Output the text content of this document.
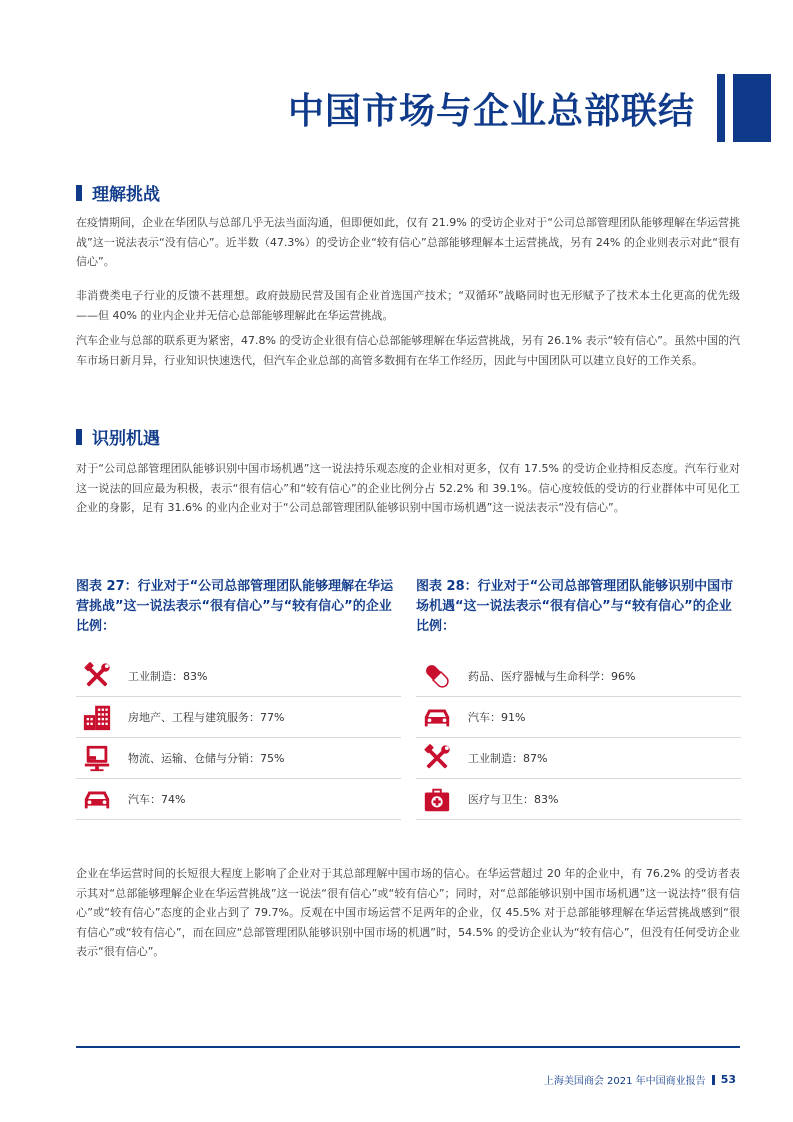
中国市场与企业总部联结
理解挑战

在疫情期间，企业在华团队与总部几乎无法当面沟通，但即便如此，仅有 21.9% 的受访企业对于“公司总部管理团队能够理解在华运营挑战”这一说法表示“没有信心”。近半数（47.3%）的受访企业“较有信心”总部能够理解本土运营挑战，另有 24% 的企业则表示对此“很有信心”。

非消费类电子行业的反馈不甚理想。政府鼓励民营及国有企业首选国产技术；“双循环”战略同时也无形赋予了技术本土化更高的优先级——但 40% 的业内企业并无信心总部能够理解此在华运营挑战。

汽车企业与总部的联系更为紧密，47.8% 的受访企业很有信心总部能够理解在华运营挑战，另有 26.1% 表示“较有信心”。虽然中国的汽车市场日新月异，行业知识快速迭代，但汽车企业总部的高管多数拥有在华工作经历，因此与中国团队可以建立良好的工作关系。

识别机遇

对于“公司总部管理团队能够识别中国市场机遇”这一说法持乐观态度的企业相对更多，仅有 17.5% 的受访企业持相反态度。汽车行业对这一说法的回应最为积极，表示“很有信心”和“较有信心”的企业比例分占 52.2% 和 39.1%。信心度较低的受访的行业群体中可见化工企业的身影，足有 31.6% 的业内企业对于“公司总部管理团队能够识别中国市场机遇”这一说法表示“没有信心”。

图表 27：行业对于“公司总部管理团队能够理解在华运营挑战”这一说法表示“很有信心”与“较有信心”的企业比例：
工业制造：83%
房地产、工程与建筑服务：77%
物流、运输、仓储与分销：75%
汽车：74%
图表 28：行业对于“公司总部管理团队能够识别中国市场机遇“这一说法表示“很有信心”与“较有信心”的企业比例：
药品、医疗器械与生命科学：96%
汽车：91%
工业制造：87%
医疗与卫生：83%

企业在华运营时间的长短很大程度上影响了企业对于其总部理解中国市场的信心。在华运营超过 20 年的企业中，有 76.2% 的受访者表示其对“总部能够理解企业在华运营挑战”这一说法“很有信心”或“较有信心”；同时，对“总部能够识别中国市场机遇”这一说法持“很有信心”或“较有信心”态度的企业占到了 79.7%。反观在中国市场运营不足两年的企业，仅 45.5% 对于总部能够理解在华运营挑战感到“很有信心”或“较有信心”，而在回应“总部管理团队能够识别中国市场的机遇”时，54.5% 的受访企业认为“较有信心”，但没有任何受访企业表示“很有信心”。

上海美国商会 2021 年中国商业报告 53
